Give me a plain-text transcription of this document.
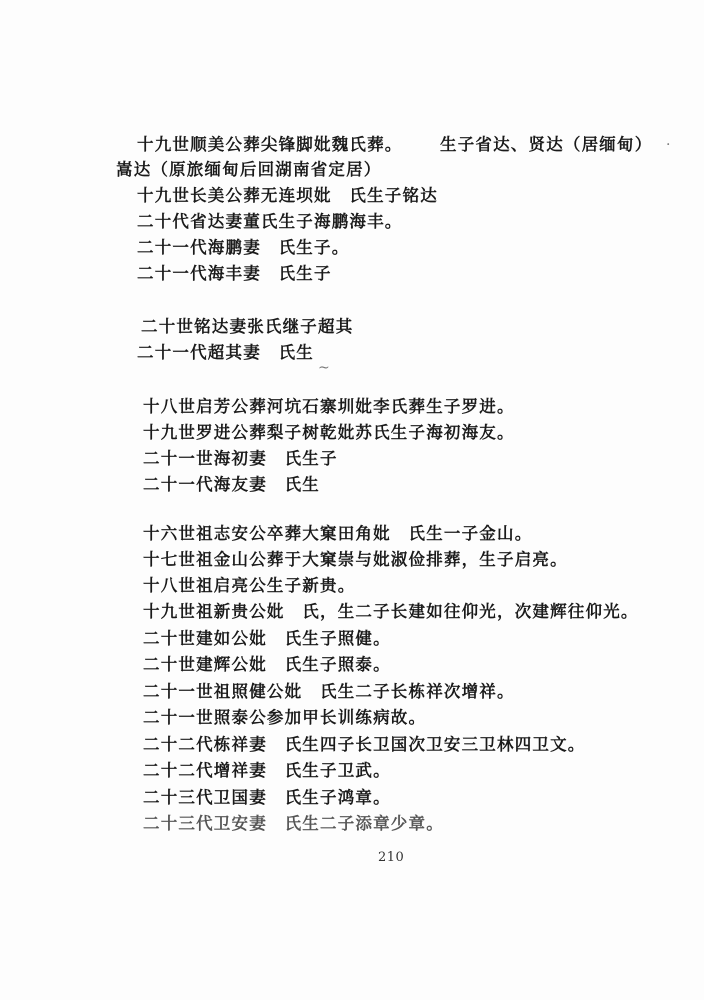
十九世顺美公葬尖锋脚妣魏氏葬。 生子省达、贤达（居缅甸） ·
嵩达（原旅缅甸后回湖南省定居）
十九世长美公葬无连坝妣　氏生子铭达
二十代省达妻董氏生子海鹏海丰。
二十一代海鹏妻　氏生子。
二十一代海丰妻　氏生子
二十世铭达妻张氏继子超其
二十一代超其妻　氏生
~
十八世启芳公葬河坑石寨圳妣李氏葬生子罗进。
十九世罗进公葬梨子树乾妣苏氏生子海初海友。
二十一世海初妻　氏生子
二十一代海友妻　氏生
十六世祖志安公卒葬大窠田角妣　氏生一子金山。
十七世祖金山公葬于大窠崇与妣淑俭排葬，生子启亮。
十八世祖启亮公生子新贵。
十九世祖新贵公妣　氏，生二子长建如往仰光，次建辉往仰光。
二十世建如公妣　氏生子照健。
二十世建辉公妣　氏生子照泰。
二十一世祖照健公妣　氏生二子长栋祥次增祥。
二十一世照泰公参加甲长训练病故。
二十二代栋祥妻　氏生四子长卫国次卫安三卫林四卫文。
二十二代增祥妻　氏生子卫武。
二十三代卫国妻　氏生子鸿章。
二十三代卫安妻　氏生二子添章少章。
210
